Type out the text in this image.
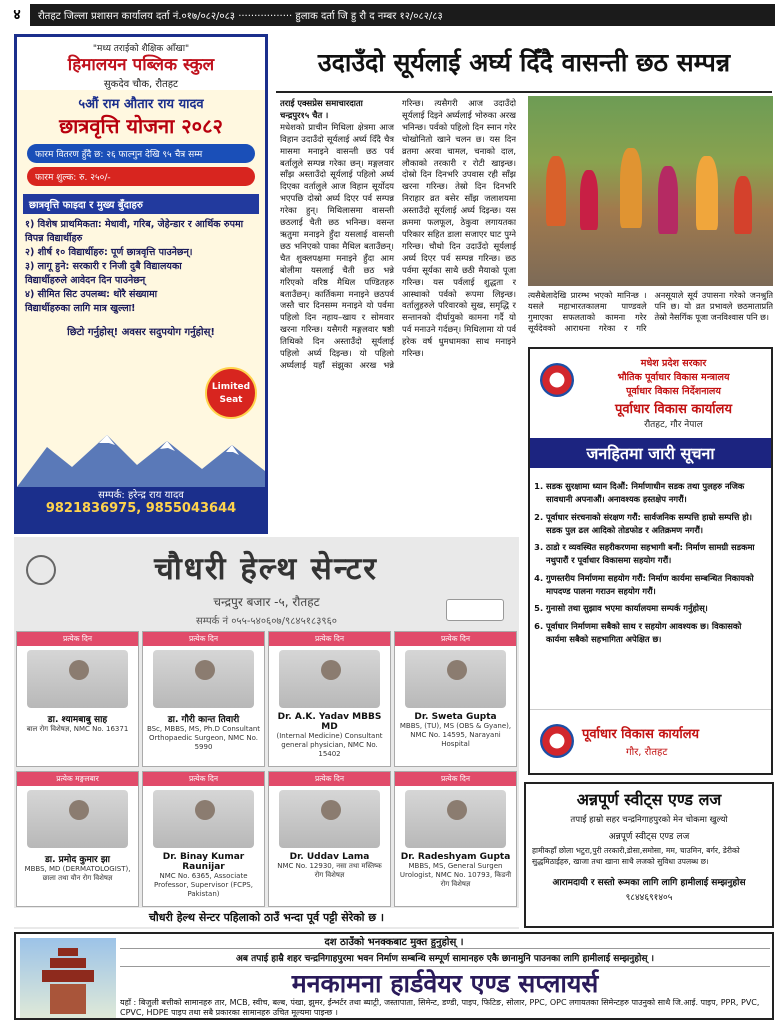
४ रौतहट जिल्ला प्रशासन कार्यालय दर्ता नं.०१७/०८२/०८३ ················· हुलाक दर्ता जि हु रौ द नम्बर १२/०८२/८३
"मध्य तराईको शैक्षिक आँखा"
हिमालयन पब्लिक स्कुल
सुकदेव चौक, रौतहट
५औं राम औतार राय यादव
छात्रवृत्ति योजना २०८२
फारम वितरण हुँदै छ: २६ फाल्गुन देखि ९५ चैत्र सम्म
फारम शुल्क: रु. २५०/-
छात्रवृत्ति फाइदा र मुख्य बुँदाहरु
१) विशेष प्राथमिकता: मेधावी, गरिब, जेहेन्डार र आर्थिक रुपमा विपन्न विद्यार्थीहरु
२) शीर्ष १० विद्यार्थीहरु: पूर्ण छात्रवृत्ति पाउनेछन्।
३) लागू हुने: सरकारी र निजी दुबै विद्यालयका विद्यार्थीहरुले आवेदन दिन पाउनेछन्
४) सीमित सिट उपलब्ध: थोरै संख्यामा विद्यार्थीहरुका लागि मात्र खुल्ला!
छिटो गर्नुहोस्! अवसर सदुपयोग गर्नुहोस्!
Limited Seat
सम्पर्क: हरेन्द्र राय यादव
9821836975, 9855043644
उदाउँदो सूर्यलाई अर्घ्य दिँदै वासन्ती छठ सम्पन्न
तराई एक्सप्रेस समाचारदाता
चन्द्रपुर१५ चैत ।
मधेशको प्राचीन मिथिला क्षेत्रमा आज विहान उदाउँदो सूर्यलाई अर्घ्य दिँदै चैत्र मासमा मनाइने वासन्ती छठ पर्व बर्तालुले सम्पन्न गरेका छन्। मङ्गलवार साँझ अस्ताउँदो सूर्यलाई पहिलो अर्घ्य दिएका वर्तालुले आज विहान सूर्योदय भएपछि दोस्रो अर्घ्य दिएर पर्व सम्पन्न गरेका हुन्। मिथिलासमा वासन्ती छठलाई चैती छठ भनिन्छ। वसन्त ऋतुमा मनाइने हुँदा यसलाई वासन्ती छठ भनिएको पाका मैथिल बताउँछन्। चैत शुक्लपक्षमा मनाइने हुँदा आम बोलीमा यसलाई चैती छठ भन्ने गरिएको वरिष्ठ मैथिल पण्डितहरु बताउँछन्। कार्तिकमा मनाइने छठपर्व जस्तै चार दिनसम्म मनाइने यो पर्वमा पहिलो दिन नहाय–खाय र सोमवार खरना गरिन्छ। यसैगरी मङ्गलवार षष्ठी तिथिको दिन अस्ताउँदो सूर्यलाई पहिलो अर्घ्य दिइन्छ। यो पहिलो अर्घ्यलाई यहाँ संझुका अरख भन्ने गरिन्छ। त्यसैगरी आज उदाउँदो सूर्यलाई दिइने अर्घ्यलाई भोरुका अरख भनिन्छ। पर्वको पहिलो दिन स्नान गरेर चोखोनितो खाने चलन छ। यस दिन व्रतमा अरवा चामल, चनाको दाल, लौकाको तरकारी र रोटी खाइन्छ। दोस्रो दिन दिनभरि उपवास रही साँझ खरना गरिन्छ। तेस्रो दिन दिनभरि निराहार व्रत बसेर साँझ जलाशयमा अस्ताउँदो सूर्यलाई अर्घ्य दिइन्छ। यस क्रममा फलफूल, ठेकुवा लगायतका परिकार सहित डाला सजाएर घाट पुग्ने गरिन्छ। चौथो दिन उदाउँदो सूर्यलाई अर्घ्य दिएर पर्व सम्पन्न गरिन्छ। छठ पर्वमा सूर्यका साथै छठी मैयाको पूजा गरिन्छ। यस पर्वलाई शुद्धता र आस्थाको पर्वको रूपमा लिइन्छ। वर्तालुहरुले परिवारको सुख, समृद्धि र सन्तानको दीर्घायुको कामना गर्दै यो पर्व मनाउने गर्दछन्। मिथिलामा यो पर्व हरेक वर्ष धुमधामका साथ मनाइने गरिन्छ।
त्यसैबेलादेखि प्रारम्भ भएको मानिन्छ । यसले महाभारतकालमा पाण्डवले गुमाएका सफलताको कामना गरेर सूर्यदेवको आराधना गरेका र गरि अनसूयाले सूर्य उपासना गरेको जनश्रुति पनि छ। यो व्रत प्रभावले छठमाताप्रति तेस्रो नैसर्गिक पूजा जनविश्वास पनि छ।
मधेश प्रदेश सरकार
भौतिक पूर्वाधार विकास मन्त्रालय
पूर्वाधार विकास निर्देशनालय
पूर्वाधार विकास कार्यालय
रौतहट, गौर नेपाल
जनहितमा जारी सूचना
1. सडक सुरक्षामा ध्यान दिऔं: निर्माणाधीन सडक तथा पुलहरु नजिक सावधानी अपनाऔं। अनावश्यक हस्तक्षेप नगरौं।
2. पूर्वाधार संरचनाको संरक्षण गरौं: सार्वजनिक सम्पत्ति हाम्रो सम्पत्ति हो। सडक पुल ढल आदिको तोडफोड र अतिक्रमण नगरौं।
3. ठाडो र व्यवस्थित सहरीकरणमा सहभागी बनौं: निर्माण सामग्री सडकमा नथुपारौं र पूर्वाधार विकासमा सहयोग गरौं।
4. गुणस्तरीय निर्माणमा सहयोग गरौं: निर्माण कार्यमा सम्बन्धित निकायको मापदण्ड पालना गराउन सहयोग गरौं।
5. गुनासो तथा सुझाव भएमा कार्यालयमा सम्पर्क गर्नुहोस्।
6. पूर्वाधार निर्माणमा सबैको साथ र सहयोग आवश्यक छ। विकासको कार्यमा सबैको सहभागिता अपेक्षित छ।
पूर्वाधार विकास कार्यालय
गौर, रौतहट
अन्नपूर्ण स्वीट्स एण्ड लज
तपाईं हाम्रो सहर चन्द्रनिगाहपुरको मेन चोकमा खुल्यो
अन्नपूर्ण स्वीट्स एण्ड लज
हामीकहाँ छोला भटुरा,पुरी तरकारी,डोसा,समोसा, मम, चाउमिन, बर्गर, डेरीको सुद्धमिठाईहरु, खाजा तथा खाना साथै लजको सुविधा उपलब्ध छ।
आरामदायी र सस्तो रूमका लागि लागि हामीलाई सम्झनुहोस
९८४४६९१४०५
चौधरी हेल्थ सेन्टर
चन्द्रपुर बजार -५, रौतहट
सम्पर्क नं ०५५-५४०६०७/९८४५१८३९६०
प्रत्येक दिन
डा. श्यामबाबु साह
बाल रोग विशेषज्ञ, NMC No. 16371
प्रत्येक दिन
डा. गौरी कान्त तिवारी
BSc, MBBS, MS, Ph.D Consultant Orthopaedic Surgeon, NMC No. 5990
प्रत्येक दिन
Dr. A.K. Yadav MBBS MD
(Internal Medicine) Consultant general physician, NMC No. 15402
प्रत्येक दिन
Dr. Sweta Gupta
MBBS, (TU), MS (OBS & Gyane), NMC No. 14595, Narayani Hospital
प्रत्येक मङ्गलबार
डा. प्रमोद कुमार झा
MBBS, MD (DERMATOLOGIST), छाला तथा यौन रोग विशेषज्ञ
प्रत्येक दिन
Dr. Binay Kumar Raunijar
NMC No. 6365, Associate Professor, Supervisor (FCPS, Pakistan)
प्रत्येक दिन
Dr. Uddav Lama
NMC No. 12930, नसा तथा मस्तिष्क रोग विशेषज्ञ
प्रत्येक दिन
Dr. Radeshyam Gupta
MBBS, MS, General Surgen Urologist, NMC No. 10793, किडनी रोग विशेषज्ञ
चौधरी हेल्थ सेन्टर पहिलाको ठाउँ भन्दा पूर्व पट्टी सेरेको छ ।
दश ठाउँको भनक्कबाट मुक्त हुनुहोस् ।
अब तपाई हाम्रै शहर चन्द्रनिगाहपुरमा भवन निर्माण सम्बन्धि सम्पूर्ण सामानहरु एकै छानामुनि पाउनका लागि हामीलाई सम्झनुहोस् ।
मनकामना हार्डवेयर एण्ड सप्लायर्स
यहाँ : बिजुली बत्तीको सामानहरु तार, MCB, स्वीच, बल्ब, पंखा, झुमर, ईन्भर्टर तथा ब्याट्री, जस्तापाता, सिमेन्ट, डण्डी, पाइप, फिटिङ, सोलार, PPC, OPC लगायतका सिमेन्टहरु पाउनुको साथै जि.आई. पाइप, PPR, PVC, CPVC, HDPE पाइप तथा सबै प्रकारका सामानहरु उचित मूल्यमा पाइन्छ ।
